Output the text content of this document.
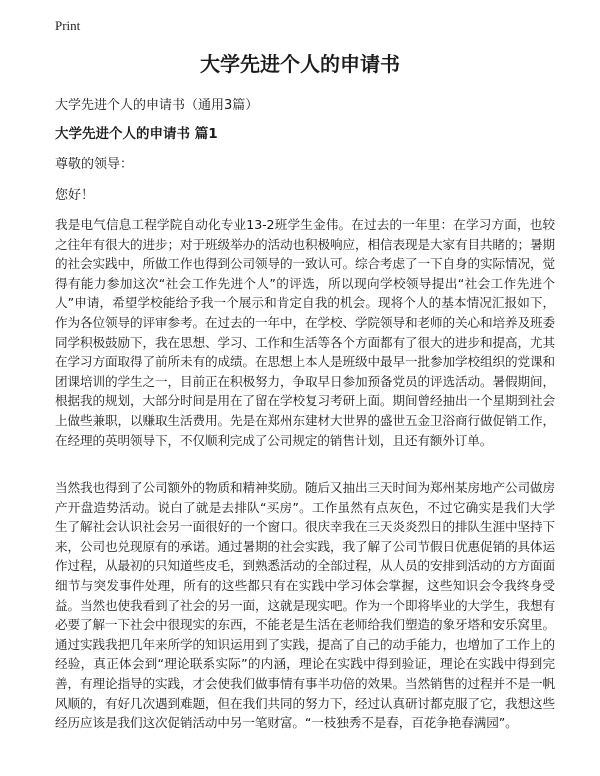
Print
大学先进个人的申请书

大学先进个人的申请书（通用3篇）

大学先进个人的申请书 篇1

尊敬的领导：

您好！

我是电气信息工程学院自动化专业13-2班学生金伟。在过去的一年里：在学习方面，也较之往年有很大的进步；对于班级举办的活动也积极响应，相信表现是大家有目共睹的；暑期的社会实践中，所做工作也得到公司领导的一致认可。综合考虑了一下自身的实际情况，觉得有能力参加这次“社会工作先进个人”的评选，所以现向学校领导提出“社会工作先进个人”申请，希望学校能给予我一个展示和肯定自我的机会。现将个人的基本情况汇报如下，作为各位领导的评审参考。在过去的一年中，在学校、学院领导和老师的关心和培养及班委同学积极鼓励下，我在思想、学习、工作和生活等各个方面都有了很大的进步和提高，尤其在学习方面取得了前所未有的成绩。在思想上本人是班级中最早一批参加学校组织的党课和团课培训的学生之一，目前正在积极努力，争取早日参加预备党员的评选活动。暑假期间，根据我的规划，大部分时间是用在了留在学校复习考研上面。期间曾经抽出一个星期到社会上做些兼职，以赚取生活费用。先是在郑州东建材大世界的盛世五金卫浴商行做促销工作，在经理的英明领导下，不仅顺利完成了公司规定的销售计划，且还有额外订单。

当然我也得到了公司额外的物质和精神奖励。随后又抽出三天时间为郑州某房地产公司做房产开盘造势活动。说白了就是去排队“买房”。工作虽然有点灰色，不过它确实是我们大学生了解社会认识社会另一面很好的一个窗口。很庆幸我在三天炎炎烈日的排队生涯中坚持下来，公司也兑现原有的承诺。通过暑期的社会实践，我了解了公司节假日优惠促销的具体运作过程，从最初的只知道些皮毛，到熟悉活动的全部过程，从人员的安排到活动的方方面面细节与突发事件处理，所有的这些都只有在实践中学习体会掌握，这些知识会令我终身受益。当然也使我看到了社会的另一面，这就是现实吧。作为一个即将毕业的大学生，我想有必要了解一下社会中很现实的东西，不能老是生活在老师给我们塑造的象牙塔和安乐窝里。通过实践我把几年来所学的知识运用到了实践，提高了自己的动手能力，也增加了工作上的经验，真正体会到“理论联系实际”的内涵，理论在实践中得到验证，理论在实践中得到完善，有理论指导的实践，才会使我们做事情有事半功倍的效果。当然销售的过程并不是一帆风顺的，有好几次遇到难题，但在我们共同的努力下，经过认真研讨都克服了它，我想这些经历应该是我们这次促销活动中另一笔财富。“一枝独秀不是春，百花争艳春满园”。
